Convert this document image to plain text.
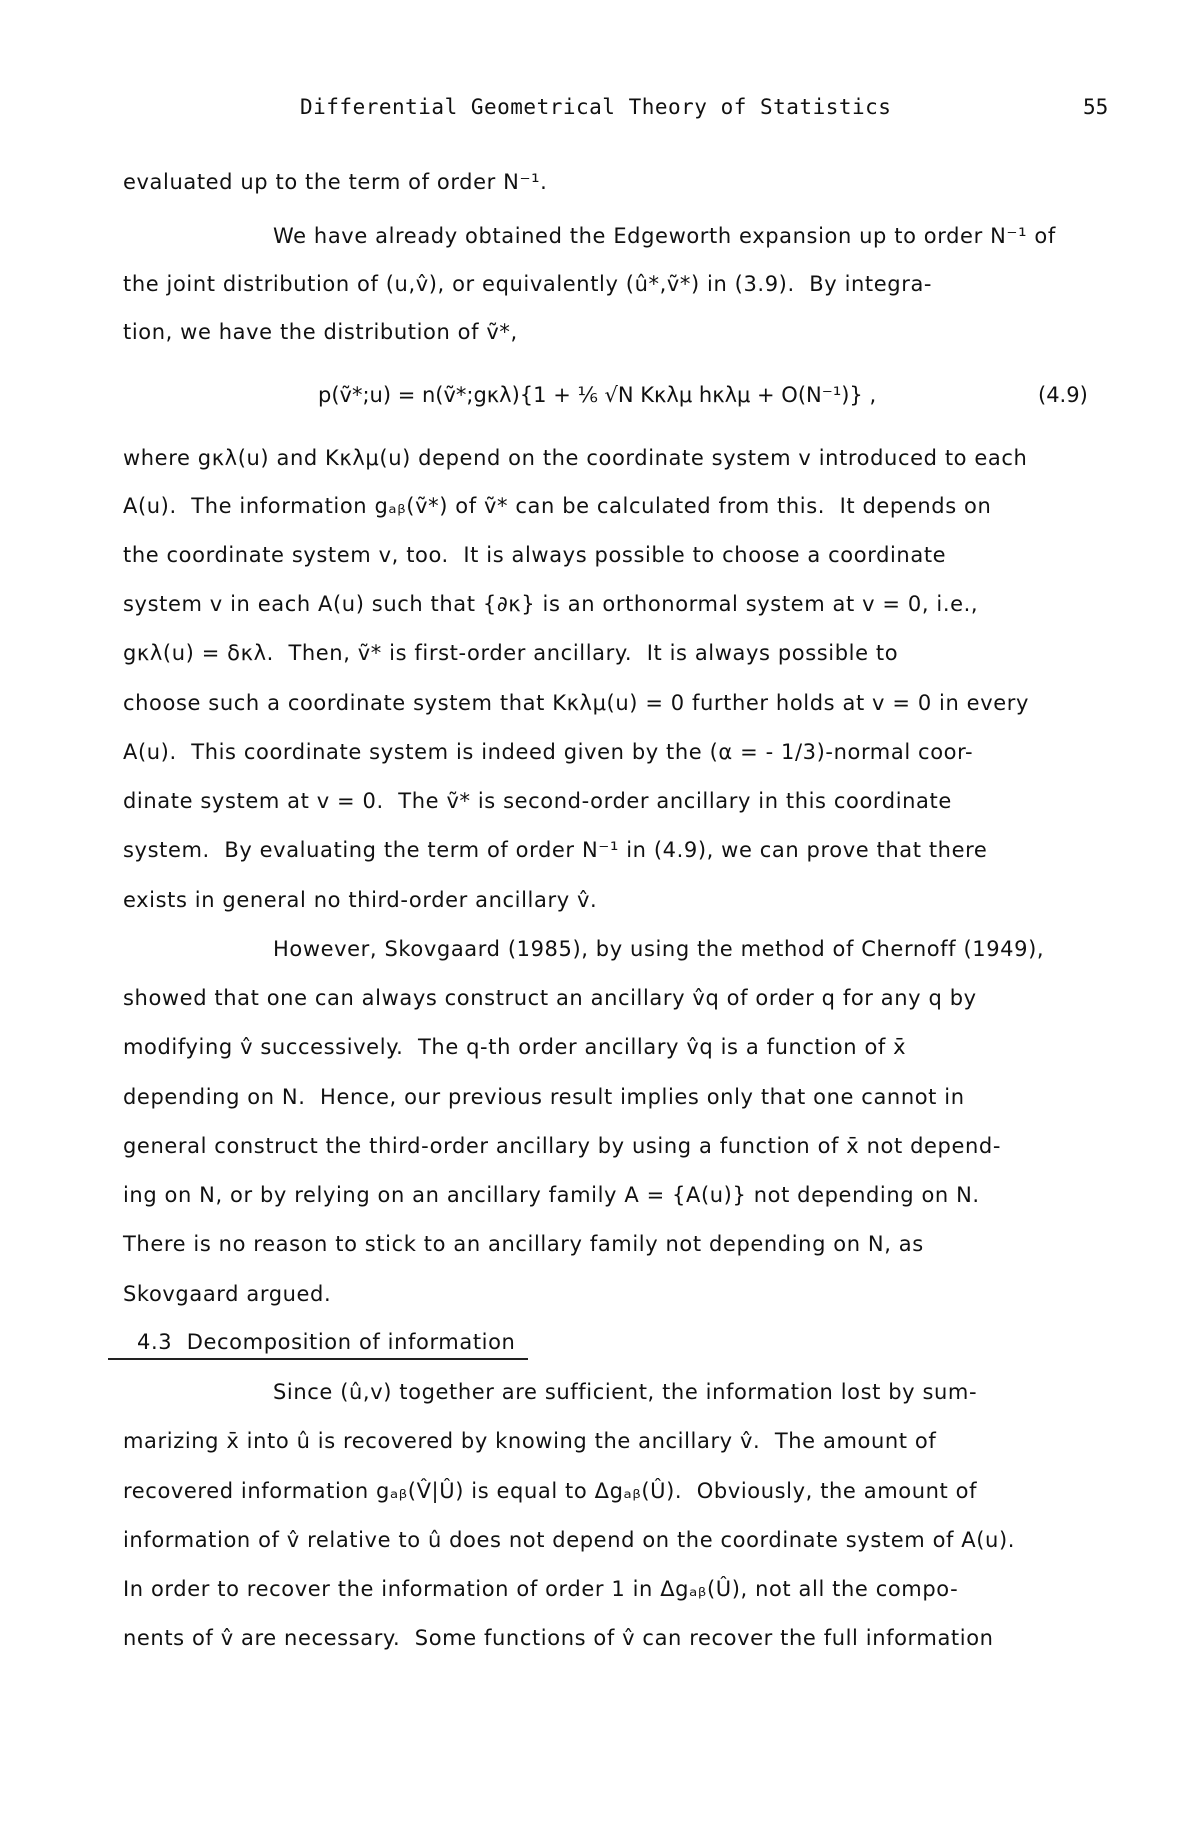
Differential Geometrical Theory of Statistics	55
evaluated up to the term of order N⁻¹.
We have already obtained the Edgeworth expansion up to order N⁻¹ of
the joint distribution of (u,v̂), or equivalently (û*,ṽ*) in (3.9).  By integra-
tion, we have the distribution of ṽ*,
p(ṽ*;u) = n(ṽ*;gκλ){1 + ⅙ √N Kκλμ hκλμ + O(N⁻¹)} ,	(4.9)
where gκλ(u) and Kκλμ(u) depend on the coordinate system v introduced to each
A(u).  The information gₐᵦ(ṽ*) of ṽ* can be calculated from this.  It depends on
the coordinate system v, too.  It is always possible to choose a coordinate
system v in each A(u) such that {∂κ} is an orthonormal system at v = 0, i.e.,
gκλ(u) = δκλ.  Then, ṽ* is first-order ancillary.  It is always possible to
choose such a coordinate system that Kκλμ(u) = 0 further holds at v = 0 in every
A(u).  This coordinate system is indeed given by the (α = - 1/3)-normal coor-
dinate system at v = 0.  The ṽ* is second-order ancillary in this coordinate
system.  By evaluating the term of order N⁻¹ in (4.9), we can prove that there
exists in general no third-order ancillary v̂.
However, Skovgaard (1985), by using the method of Chernoff (1949),
showed that one can always construct an ancillary v̂q of order q for any q by
modifying v̂ successively.  The q-th order ancillary v̂q is a function of x̄
depending on N.  Hence, our previous result implies only that one cannot in
general construct the third-order ancillary by using a function of x̄ not depend-
ing on N, or by relying on an ancillary family A = {A(u)} not depending on N.
There is no reason to stick to an ancillary family not depending on N, as
Skovgaard argued.
4.3  Decomposition of information
Since (û,v) together are sufficient, the information lost by sum-
marizing x̄ into û is recovered by knowing the ancillary v̂.  The amount of
recovered information gₐᵦ(V̂|Û) is equal to Δgₐᵦ(Û).  Obviously, the amount of
information of v̂ relative to û does not depend on the coordinate system of A(u).
In order to recover the information of order 1 in Δgₐᵦ(Û), not all the compo-
nents of v̂ are necessary.  Some functions of v̂ can recover the full information
